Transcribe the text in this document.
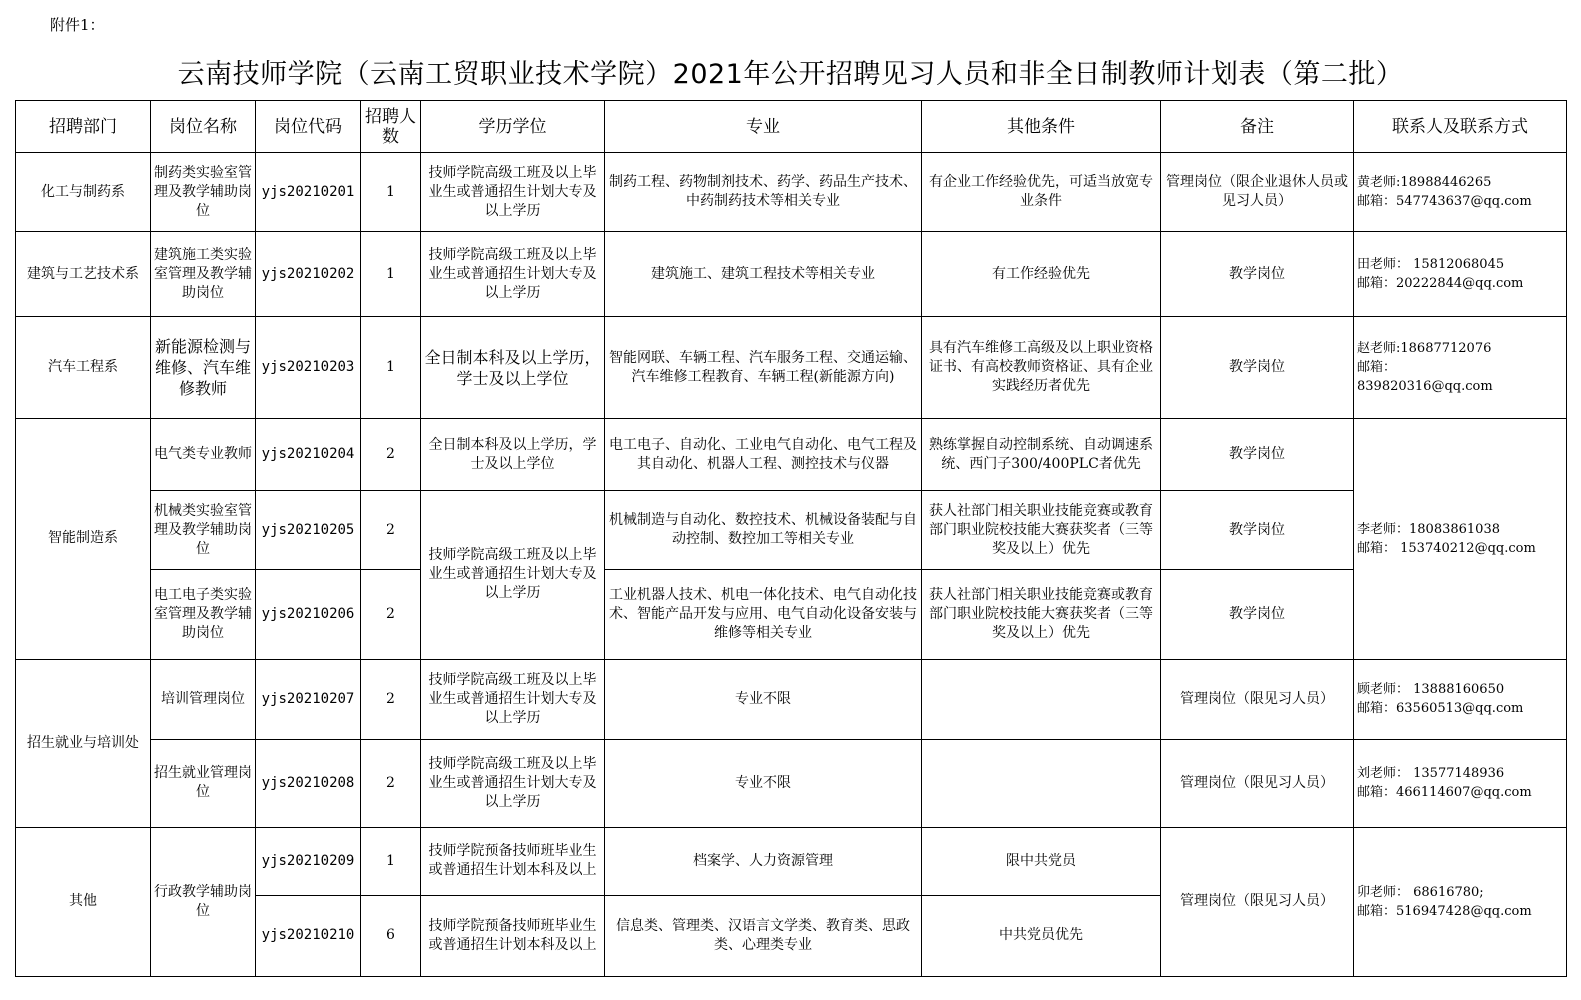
附件1：
云南技师学院（云南工贸职业技术学院）2021年公开招聘见习人员和非全日制教师计划表（第二批）
招聘部门	岗位名称	岗位代码	招聘人数	学历学位	专业	其他条件	备注	联系人及联系方式
化工与制药系	制药类实验室管理及教学辅助岗位	yjs20210201	1	技师学院高级工班及以上毕业生或普通招生计划大专及以上学历	制药工程、药物制剂技术、药学、药品生产技术、中药制药技术等相关专业	有企业工作经验优先，可适当放宽专业条件	管理岗位（限企业退休人员或见习人员）	黄老师:18988446265
邮箱：547743637@qq.com

建筑与工艺技术系	建筑施工类实验室管理及教学辅助岗位	yjs20210202	1	技师学院高级工班及以上毕业生或普通招生计划大专及以上学历	建筑施工、建筑工程技术等相关专业	有工作经验优先	教学岗位	田老师： 15812068045
邮箱：20222844@qq.com

汽车工程系	新能源检测与维修、汽车维修教师	yjs20210203	1	全日制本科及以上学历，学士及以上学位	智能网联、车辆工程、汽车服务工程、交通运输、汽车维修工程教育、车辆工程(新能源方向)	具有汽车维修工高级及以上职业资格证书、有高校教师资格证、具有企业实践经历者优先	教学岗位	赵老师:18687712076
邮箱：
839820316@qq.com

智能制造系	电气类专业教师	yjs20210204	2	全日制本科及以上学历，学士及以上学位	电工电子、自动化、工业电气自动化、电气工程及其自动化、机器人工程、测控技术与仪器	熟练掌握自动控制系统、自动调速系统、西门子300/400PLC者优先	教学岗位	李老师：18083861038
邮箱： 153740212@qq.com

	机械类实验室管理及教学辅助岗位	yjs20210205	2	技师学院高级工班及以上毕业生或普通招生计划大专及以上学历	机械制造与自动化、数控技术、机械设备装配与自动控制、数控加工等相关专业	获人社部门相关职业技能竞赛或教育部门职业院校技能大赛获奖者（三等奖及以上）优先	教学岗位	
	电工电子类实验室管理及教学辅助岗位	yjs20210206	2		工业机器人技术、机电一体化技术、电气自动化技术、智能产品开发与应用、电气自动化设备安装与维修等相关专业	获人社部门相关职业技能竞赛或教育部门职业院校技能大赛获奖者（三等奖及以上）优先	教学岗位	
招生就业与培训处	培训管理岗位	yjs20210207	2	技师学院高级工班及以上毕业生或普通招生计划大专及以上学历	专业不限		管理岗位（限见习人员）	顾老师： 13888160650
邮箱：63560513@qq.com

	招生就业管理岗位	yjs20210208	2	技师学院高级工班及以上毕业生或普通招生计划大专及以上学历	专业不限		管理岗位（限见习人员）	刘老师： 13577148936
邮箱：466114607@qq.com

其他	行政教学辅助岗位	yjs20210209	1	技师学院预备技师班毕业生或普通招生计划本科及以上	档案学、人力资源管理	限中共党员	管理岗位（限见习人员）	卯老师： 68616780;
邮箱：516947428@qq.com

		yjs20210210	6	技师学院预备技师班毕业生或普通招生计划本科及以上	信息类、管理类、汉语言文学类、教育类、思政类、心理类专业	中共党员优先		
